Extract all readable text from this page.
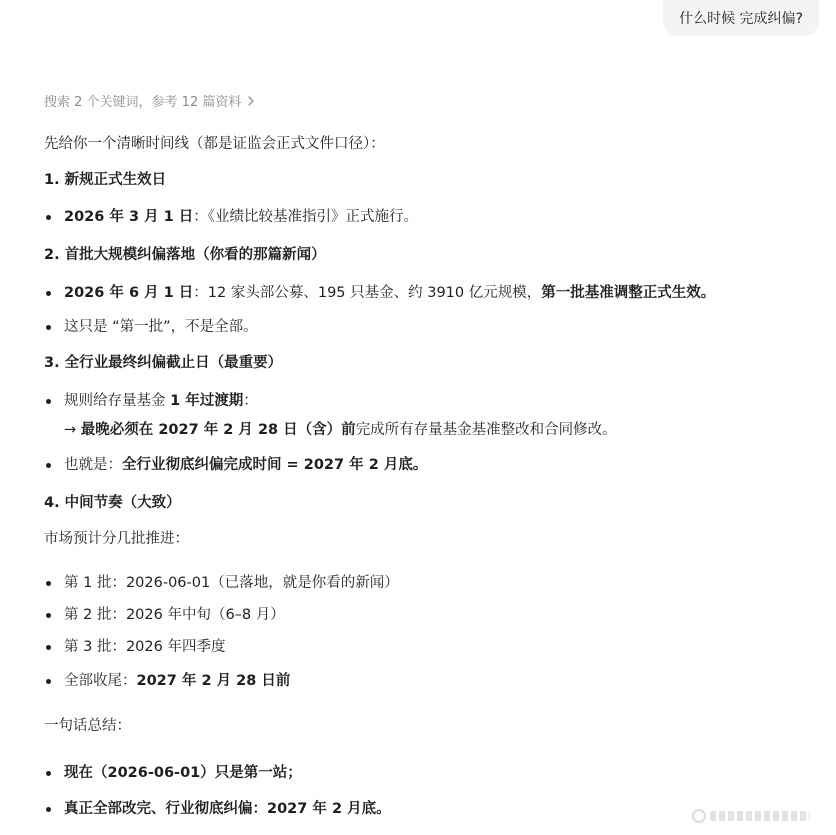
什么时候 完成纠偏?
搜索 2 个关键词，参考 12 篇资料
先给你一个清晰时间线（都是证监会正式文件口径）：
1. 新规正式生效日
2026 年 3 月 1 日：《业绩比较基准指引》正式施行。
2. 首批大规模纠偏落地（你看的那篇新闻）
2026 年 6 月 1 日：12 家头部公募、195 只基金、约 3910 亿元规模，第一批基准调整正式生效。
这只是 “第一批”，不是全部。
3. 全行业最终纠偏截止日（最重要）
规则给存量基金 1 年过渡期：
→ 最晚必须在 2027 年 2 月 28 日（含）前完成所有存量基金基准整改和合同修改。
也就是：全行业彻底纠偏完成时间 = 2027 年 2 月底。
4. 中间节奏（大致）
市场预计分几批推进：
第 1 批：2026-06-01（已落地，就是你看的新闻）
第 2 批：2026 年中旬（6–8 月）
第 3 批：2026 年四季度
全部收尾：2027 年 2 月 28 日前
一句话总结：
现在（2026-06-01）只是第一站；
真正全部改完、行业彻底纠偏：2027 年 2 月底。
